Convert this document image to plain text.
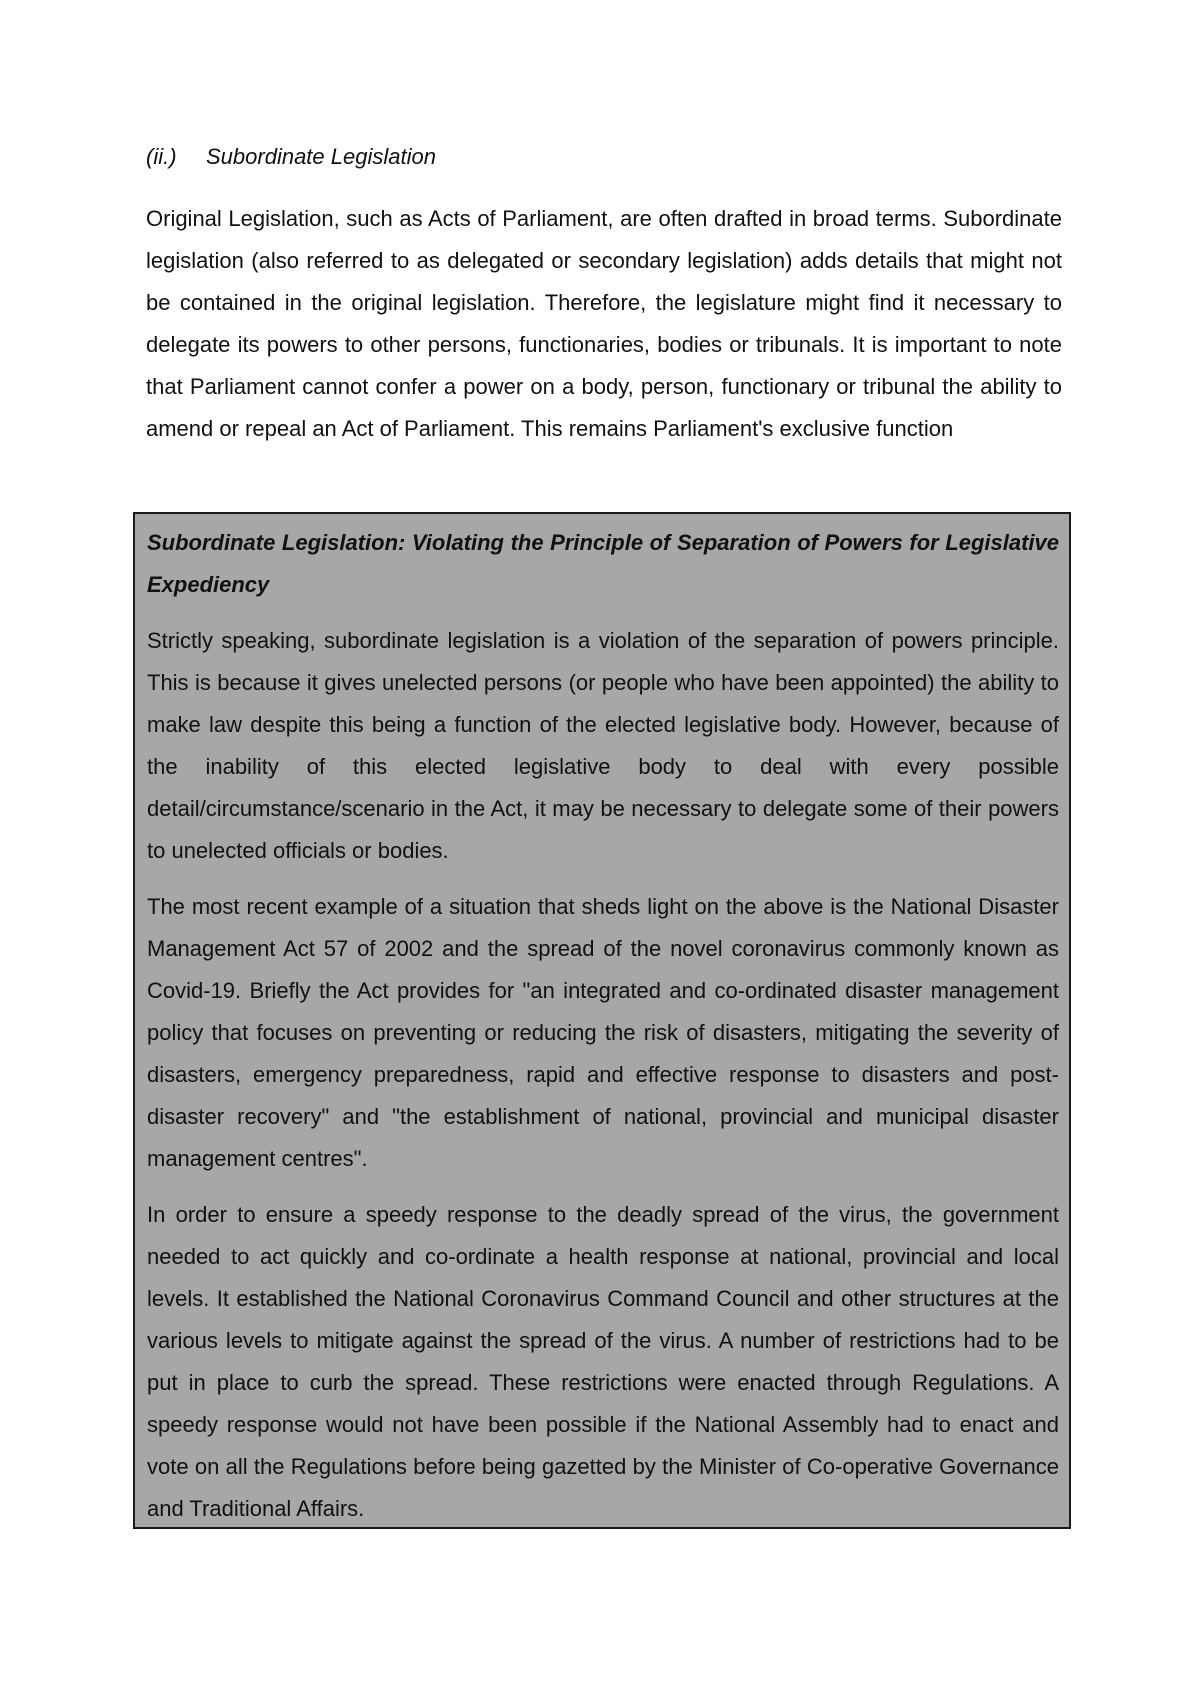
(ii.) Subordinate Legislation

Original Legislation, such as Acts of Parliament, are often drafted in broad terms. Subordinate legislation (also referred to as delegated or secondary legislation) adds details that might not be contained in the original legislation. Therefore, the legislature might find it necessary to delegate its powers to other persons, functionaries, bodies or tribunals. It is important to note that Parliament cannot confer a power on a body, person, functionary or tribunal the ability to amend or repeal an Act of Parliament. This remains Parliament's exclusive function

Subordinate Legislation: Violating the Principle of Separation of Powers for Legislative Expediency

Strictly speaking, subordinate legislation is a violation of the separation of powers principle. This is because it gives unelected persons (or people who have been appointed) the ability to make law despite this being a function of the elected legislative body. However, because of the inability of this elected legislative body to deal with every possible detail/circumstance/scenario in the Act, it may be necessary to delegate some of their powers to unelected officials or bodies.

The most recent example of a situation that sheds light on the above is the National Disaster Management Act 57 of 2002 and the spread of the novel coronavirus commonly known as Covid-19. Briefly the Act provides for "an integrated and co-ordinated disaster management policy that focuses on preventing or reducing the risk of disasters, mitigating the severity of disasters, emergency preparedness, rapid and effective response to disasters and post-disaster recovery" and "the establishment of national, provincial and municipal disaster management centres".

In order to ensure a speedy response to the deadly spread of the virus, the government needed to act quickly and co-ordinate a health response at national, provincial and local levels. It established the National Coronavirus Command Council and other structures at the various levels to mitigate against the spread of the virus. A number of restrictions had to be put in place to curb the spread. These restrictions were enacted through Regulations. A speedy response would not have been possible if the National Assembly had to enact and vote on all the Regulations before being gazetted by the Minister of Co-operative Governance and Traditional Affairs.
